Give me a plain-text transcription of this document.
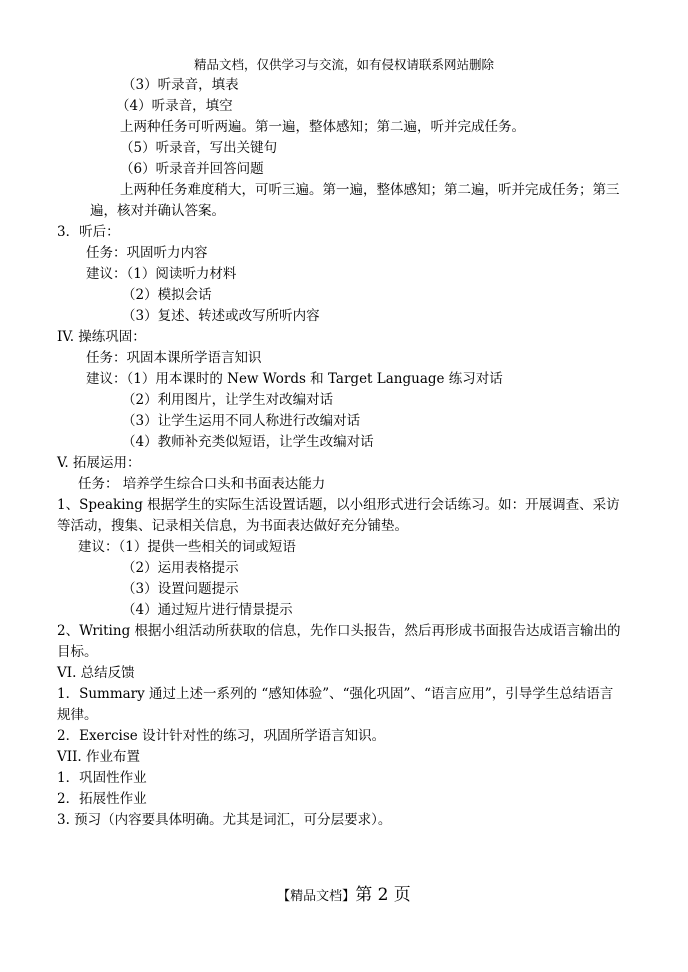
精品文档，仅供学习与交流，如有侵权请联系网站删除
（3）听录音，填表
（4）听录音，填空
上两种任务可听两遍。第一遍，整体感知；第二遍，听并完成任务。
（5）听录音，写出关键句
（6）听录音并回答问题
上两种任务难度稍大，可听三遍。第一遍，整体感知；第二遍，听并完成任务；第三
遍，核对并确认答案。
3．听后：
任务：巩固听力内容
建议：（1）阅读听力材料
（2）模拟会话
（3）复述、转述或改写所听内容
IV. 操练巩固：
任务：巩固本课所学语言知识
建议：（1）用本课时的 New Words 和 Target Language 练习对话
（2）利用图片，让学生对改编对话
（3）让学生运用不同人称进行改编对话
（4）教师补充类似短语，让学生改编对话
V. 拓展运用：
任务： 培养学生综合口头和书面表达能力
1、Speaking 根据学生的实际生活设置话题，以小组形式进行会话练习。如：开展调查、采访
等活动，搜集、记录相关信息，为书面表达做好充分铺垫。
建议：（1）提供一些相关的词或短语
（2）运用表格提示
（3）设置问题提示
（4）通过短片进行情景提示
2、Writing 根据小组活动所获取的信息，先作口头报告，然后再形成书面报告达成语言输出的
目标。
VI. 总结反馈
1．Summary 通过上述一系列的 “感知体验”、“强化巩固”、“语言应用”，引导学生总结语言
规律。
2．Exercise 设计针对性的练习，巩固所学语言知识。
VII. 作业布置
1．巩固性作业
2．拓展性作业
3. 预习（内容要具体明确。尤其是词汇，可分层要求）。
【精品文档】第 2 页
